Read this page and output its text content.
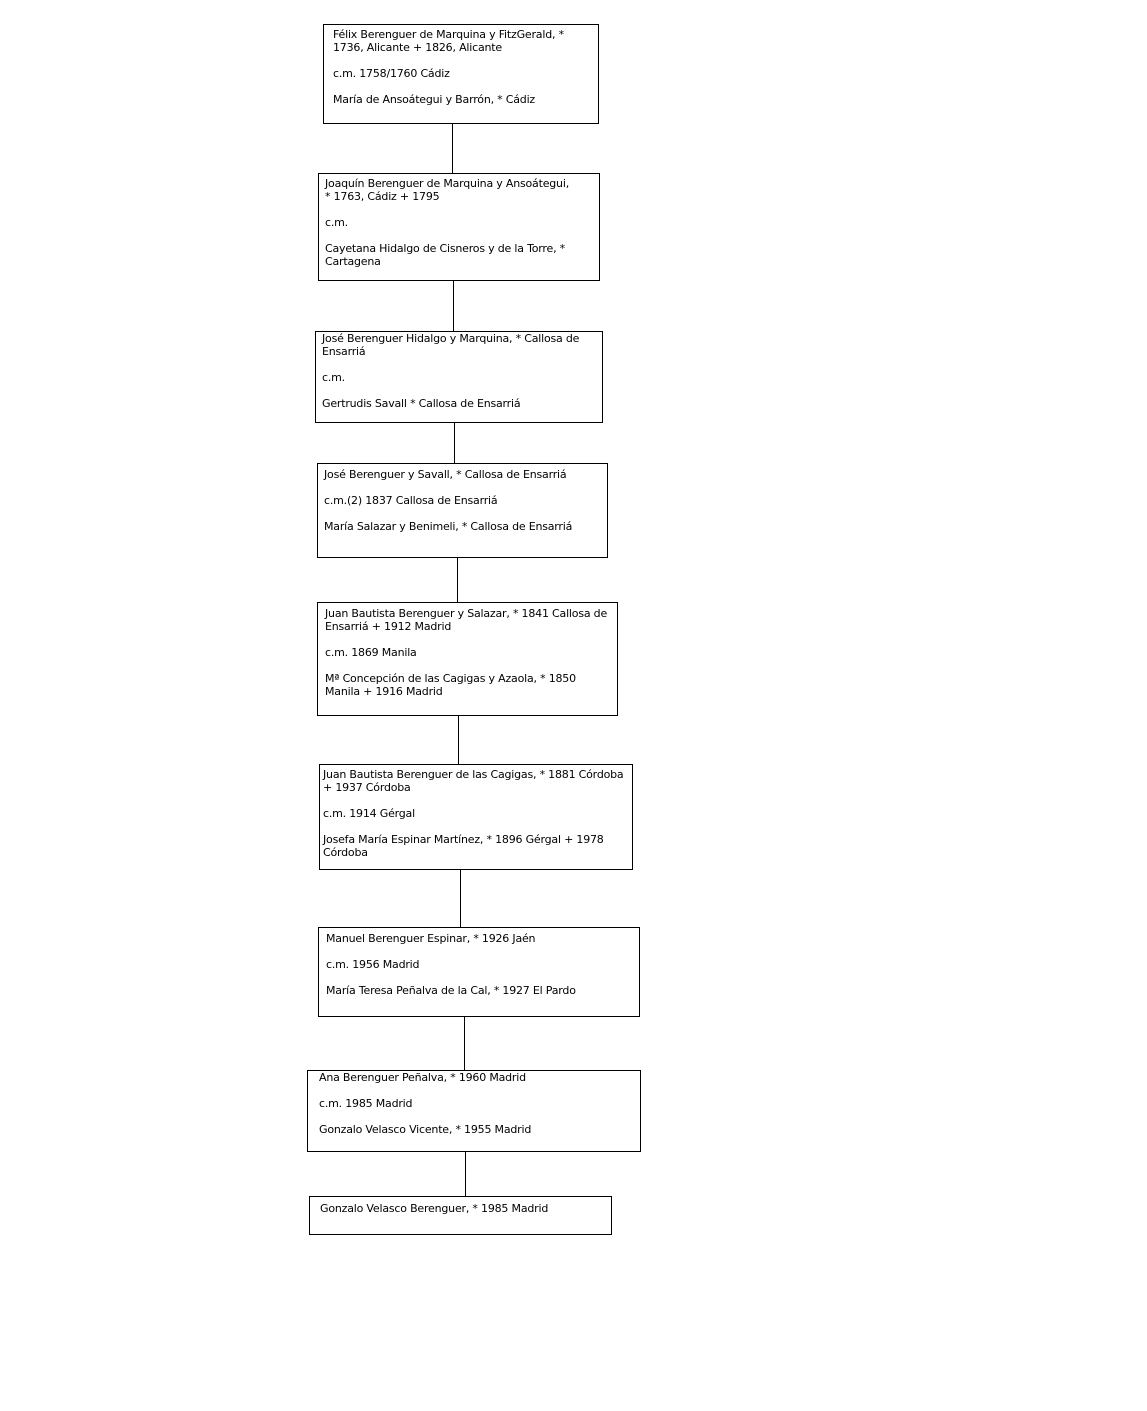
Félix Berenguer de Marquina y FitzGerald, * 1736, Alicante + 1826, Alicante
c.m. 1758/1760 Cádiz
María de Ansoátegui y Barrón, * Cádiz
Joaquín Berenguer de Marquina y Ansoátegui, * 1763, Cádiz + 1795
c.m.
Cayetana Hidalgo de Cisneros y de la Torre, * Cartagena
José Berenguer Hidalgo y Marquina, * Callosa de Ensarriá
c.m.
Gertrudis Savall * Callosa de Ensarriá
José Berenguer y Savall, * Callosa de Ensarriá
c.m.(2) 1837 Callosa de Ensarriá
María Salazar y Benimeli, * Callosa de Ensarriá
Juan Bautista Berenguer y Salazar, * 1841 Callosa de Ensarriá + 1912 Madrid
c.m. 1869 Manila
Mª Concepción de las Cagigas y Azaola, * 1850 Manila + 1916 Madrid
Juan Bautista Berenguer de las Cagigas, * 1881 Córdoba + 1937 Córdoba
c.m. 1914 Gérgal
Josefa María Espinar Martínez, * 1896 Gérgal + 1978 Córdoba
Manuel Berenguer Espinar, * 1926 Jaén
c.m. 1956 Madrid
María Teresa Peñalva de la Cal, * 1927 El Pardo
Ana Berenguer Peñalva, * 1960 Madrid
c.m. 1985 Madrid
Gonzalo Velasco Vicente, * 1955 Madrid
Gonzalo Velasco Berenguer, * 1985 Madrid
